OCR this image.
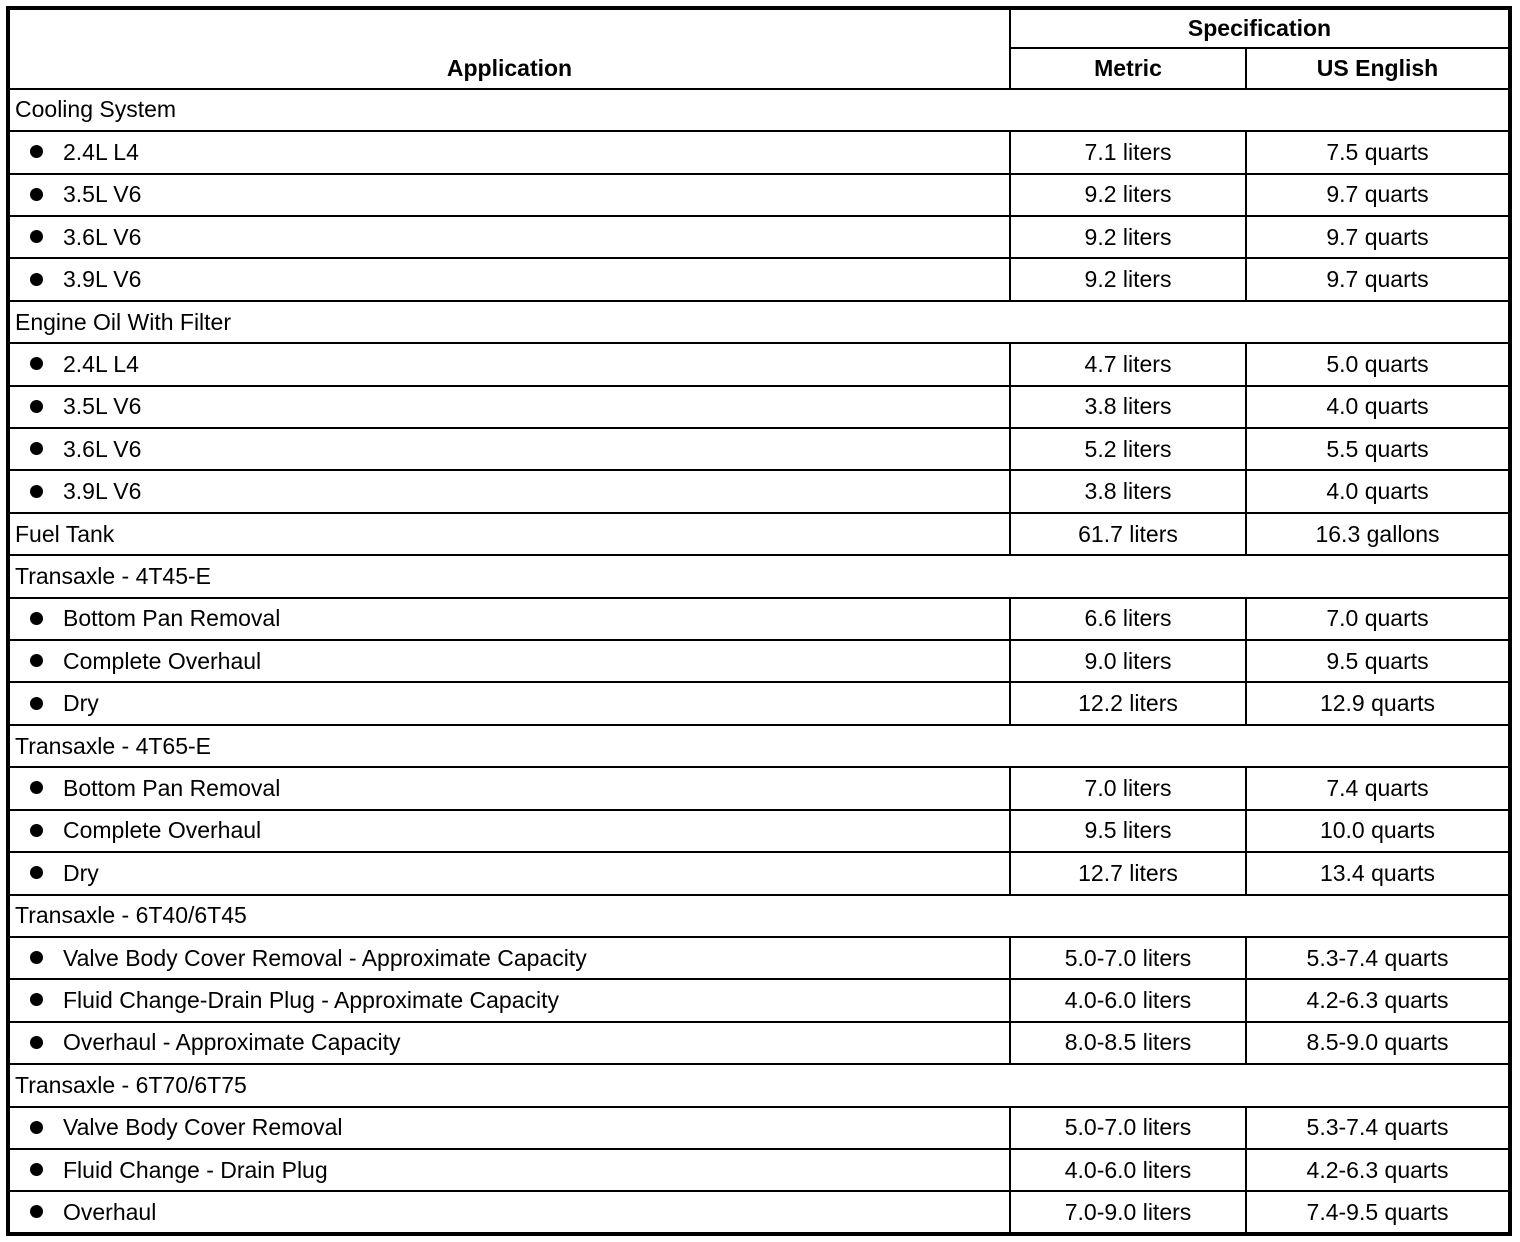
Application	Specification	
	Metric	US English
Cooling System		
2.4L L4	7.1 liters	7.5 quarts
3.5L V6	9.2 liters	9.7 quarts
3.6L V6	9.2 liters	9.7 quarts
3.9L V6	9.2 liters	9.7 quarts
Engine Oil With Filter		
2.4L L4	4.7 liters	5.0 quarts
3.5L V6	3.8 liters	4.0 quarts
3.6L V6	5.2 liters	5.5 quarts
3.9L V6	3.8 liters	4.0 quarts
Fuel Tank	61.7 liters	16.3 gallons
Transaxle - 4T45-E		
Bottom Pan Removal	6.6 liters	7.0 quarts
Complete Overhaul	9.0 liters	9.5 quarts
Dry	12.2 liters	12.9 quarts
Transaxle - 4T65-E		
Bottom Pan Removal	7.0 liters	7.4 quarts
Complete Overhaul	9.5 liters	10.0 quarts
Dry	12.7 liters	13.4 quarts
Transaxle - 6T40/6T45		
Valve Body Cover Removal - Approximate Capacity	5.0-7.0 liters	5.3-7.4 quarts
Fluid Change-Drain Plug - Approximate Capacity	4.0-6.0 liters	4.2-6.3 quarts
Overhaul - Approximate Capacity	8.0-8.5 liters	8.5-9.0 quarts
Transaxle - 6T70/6T75		
Valve Body Cover Removal	5.0-7.0 liters	5.3-7.4 quarts
Fluid Change - Drain Plug	4.0-6.0 liters	4.2-6.3 quarts
Overhaul	7.0-9.0 liters	7.4-9.5 quarts
